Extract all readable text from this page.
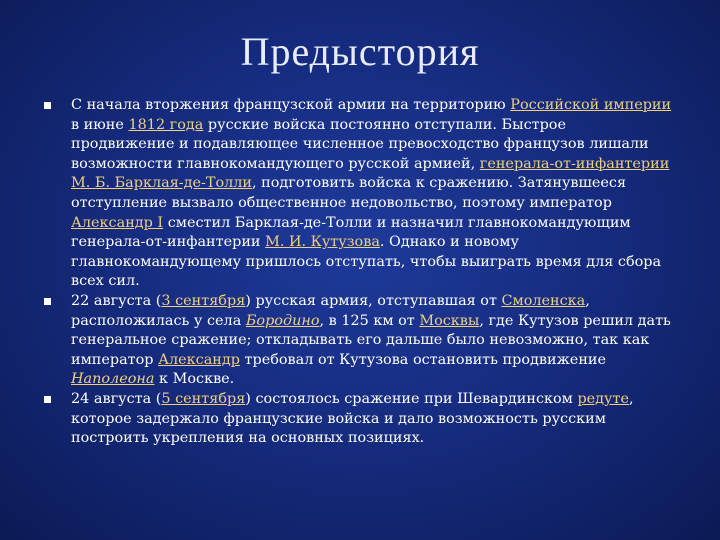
Предыстория
С начала вторжения французской армии на территорию Российской империи в июне 1812 года русские войска постоянно отступали. Быстрое продвижение и подавляющее численное превосходство французов лишали возможности главнокомандующего русской армией, генерала-от-инфантерии М. Б. Барклая-де-Толли, подготовить войска к сражению. Затянувшееся отступление вызвало общественное недовольство, поэтому император Александр I сместил Барклая-де-Толли и назначил главнокомандующим генерала-от-инфантерии М. И. Кутузова. Однако и новому главнокомандующему пришлось отступать, чтобы выиграть время для сбора всех сил.
22 августа (3 сентября) русская армия, отступавшая от Смоленска, расположилась у села Бородино, в 125 км от Москвы, где Кутузов решил дать генеральное сражение; откладывать его дальше было невозможно, так как император Александр требовал от Кутузова остановить продвижение Наполеона к Москве.
24 августа (5 сентября) состоялось сражение при Шевардинском редуте, которое задержало французские войска и дало возможность русским построить укрепления на основных позициях.
